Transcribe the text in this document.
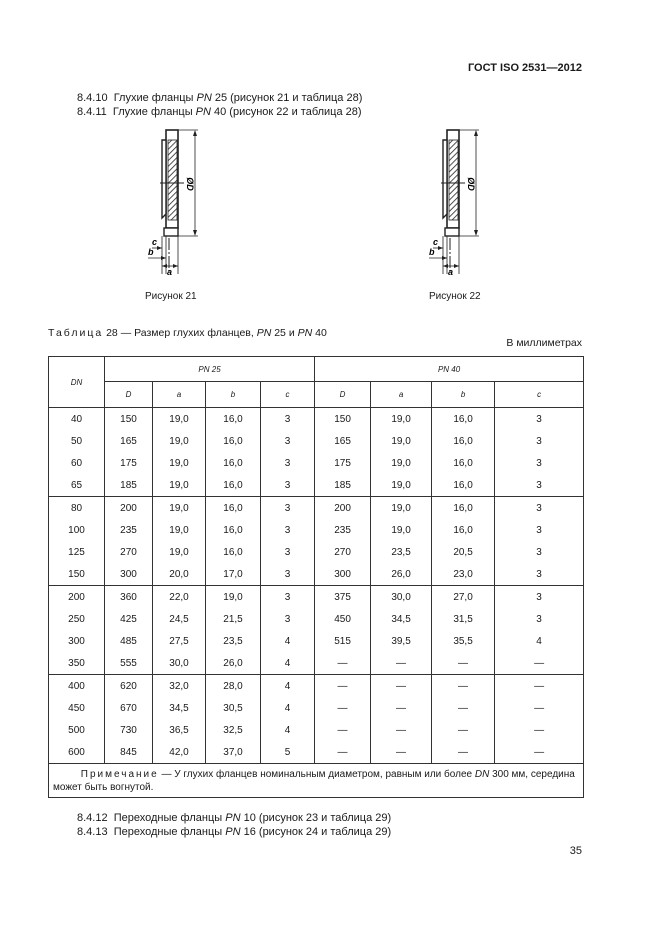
ГОСТ ISO 2531—2012
8.4.10 Глухие фланцы PN 25 (рисунок 21 и таблица 28)
8.4.11 Глухие фланцы PN 40 (рисунок 22 и таблица 28)
ØD
c
b
a
Рисунок 21
ØD
c
b
a
Рисунок 22
Таблица 28 — Размер глухих фланцев, PN 25 и PN 40
В миллиметрах
DN	PN 25				PN 40			
	D	a	b	c	D	a	b	c
40	150	19,0	16,0	3	150	19,0	16,0	3
50	165	19,0	16,0	3	165	19,0	16,0	3
60	175	19,0	16,0	3	175	19,0	16,0	3
65	185	19,0	16,0	3	185	19,0	16,0	3
80	200	19,0	16,0	3	200	19,0	16,0	3
100	235	19,0	16,0	3	235	19,0	16,0	3
125	270	19,0	16,0	3	270	23,5	20,5	3
150	300	20,0	17,0	3	300	26,0	23,0	3
200	360	22,0	19,0	3	375	30,0	27,0	3
250	425	24,5	21,5	3	450	34,5	31,5	3
300	485	27,5	23,5	4	515	39,5	35,5	4
350	555	30,0	26,0	4	—	—	—	—
400	620	32,0	28,0	4	—	—	—	—
450	670	34,5	30,5	4	—	—	—	—
500	730	36,5	32,5	4	—	—	—	—
600	845	42,0	37,0	5	—	—	—	—
Примечание — У глухих фланцев номинальным диаметром, равным или более DN 300 мм, середина может быть вогнутой.								
8.4.12 Переходные фланцы PN 10 (рисунок 23 и таблица 29)
8.4.13 Переходные фланцы PN 16 (рисунок 24 и таблица 29)
35
